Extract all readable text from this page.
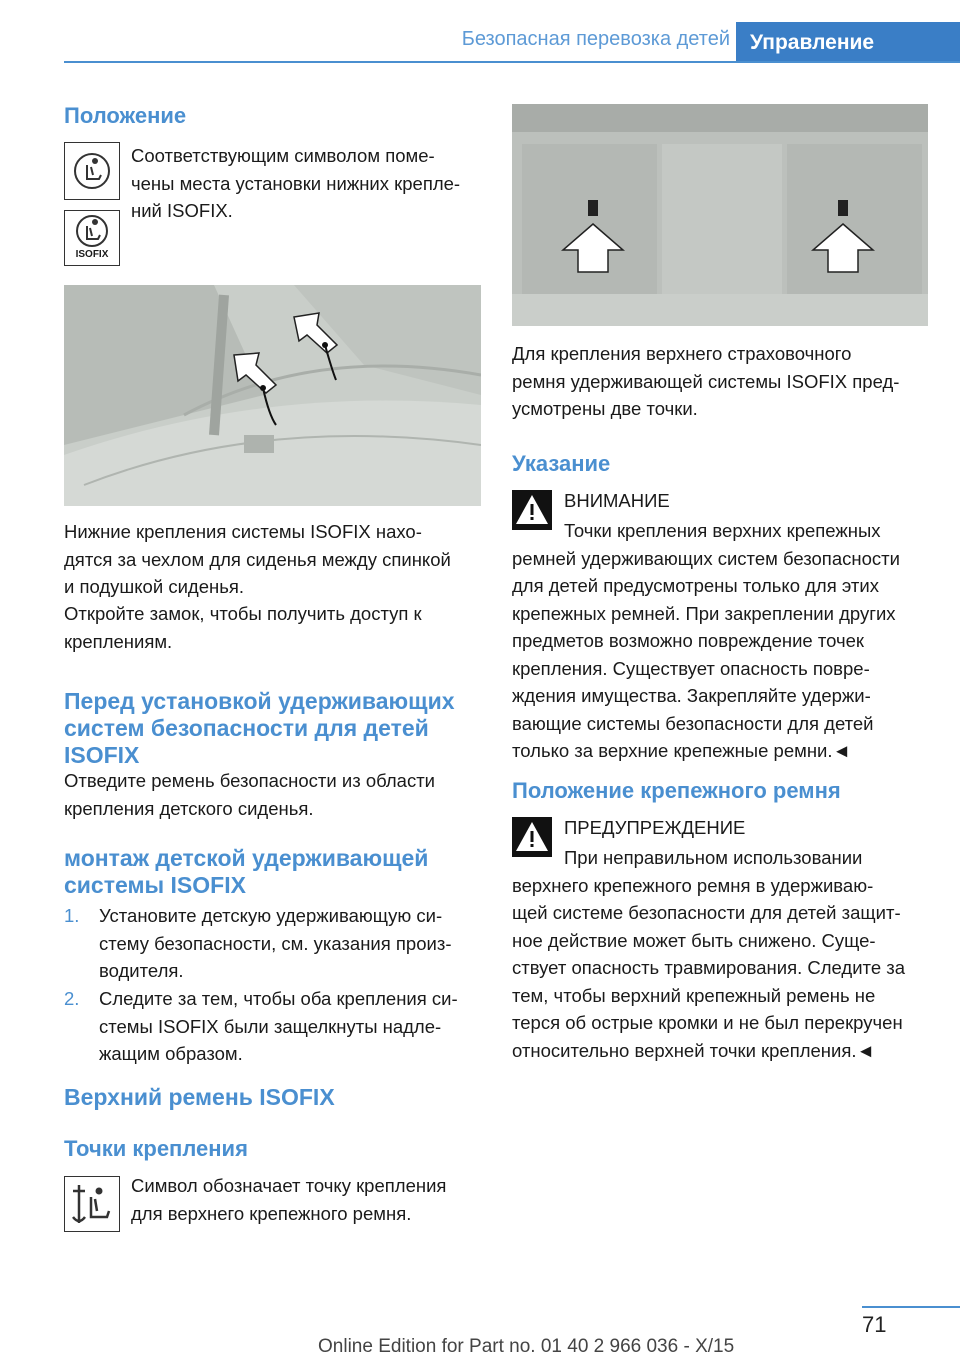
Безопасная перевозка детей Управление
Положение
ISOFIX
Соответствующим символом поме-
чены места установки нижних крепле-
ний ISOFIX.
Нижние крепления системы ISOFIX нахо-
дятся за чехлом для сиденья между спинкой
и подушкой сиденья.
Откройте замок, чтобы получить доступ к
креплениям.
Перед установкой удерживающих
систем безопасности для детей
ISOFIX
Отведите ремень безопасности из области
крепления детского сиденья.
монтаж детской удерживающей
системы ISOFIX
1. Установите детскую удерживающую си-
стему безопасности, см. указания произ-
водителя.
2. Следите за тем, чтобы оба крепления си-
стемы ISOFIX были защелкнуты надле-
жащим образом.
Верхний ремень ISOFIX
Точки крепления
Символ обозначает точку крепления
для верхнего крепежного ремня.
Для крепления верхнего страховочного
ремня удерживающей системы ISOFIX пред-
усмотрены две точки.
Указание
ВНИМАНИЕ
Точки крепления верхних крепежных
ремней удерживающих систем безопасности
для детей предусмотрены только для этих
крепежных ремней. При закреплении других
предметов возможно повреждение точек
крепления. Существует опасность повре-
ждения имущества. Закрепляйте удержи-
вающие системы безопасности для детей
только за верхние крепежные ремни.◄
Положение крепежного ремня
ПРЕДУПРЕЖДЕНИЕ
При неправильном использовании
верхнего крепежного ремня в удерживаю-
щей системе безопасности для детей защит-
ное действие может быть снижено. Суще-
ствует опасность травмирования. Следите за
тем, чтобы верхний крепежный ремень не
терся об острые кромки и не был перекручен
относительно верхней точки крепления.◄
71
Online Edition for Part no. 01 40 2 966 036 - X/15
